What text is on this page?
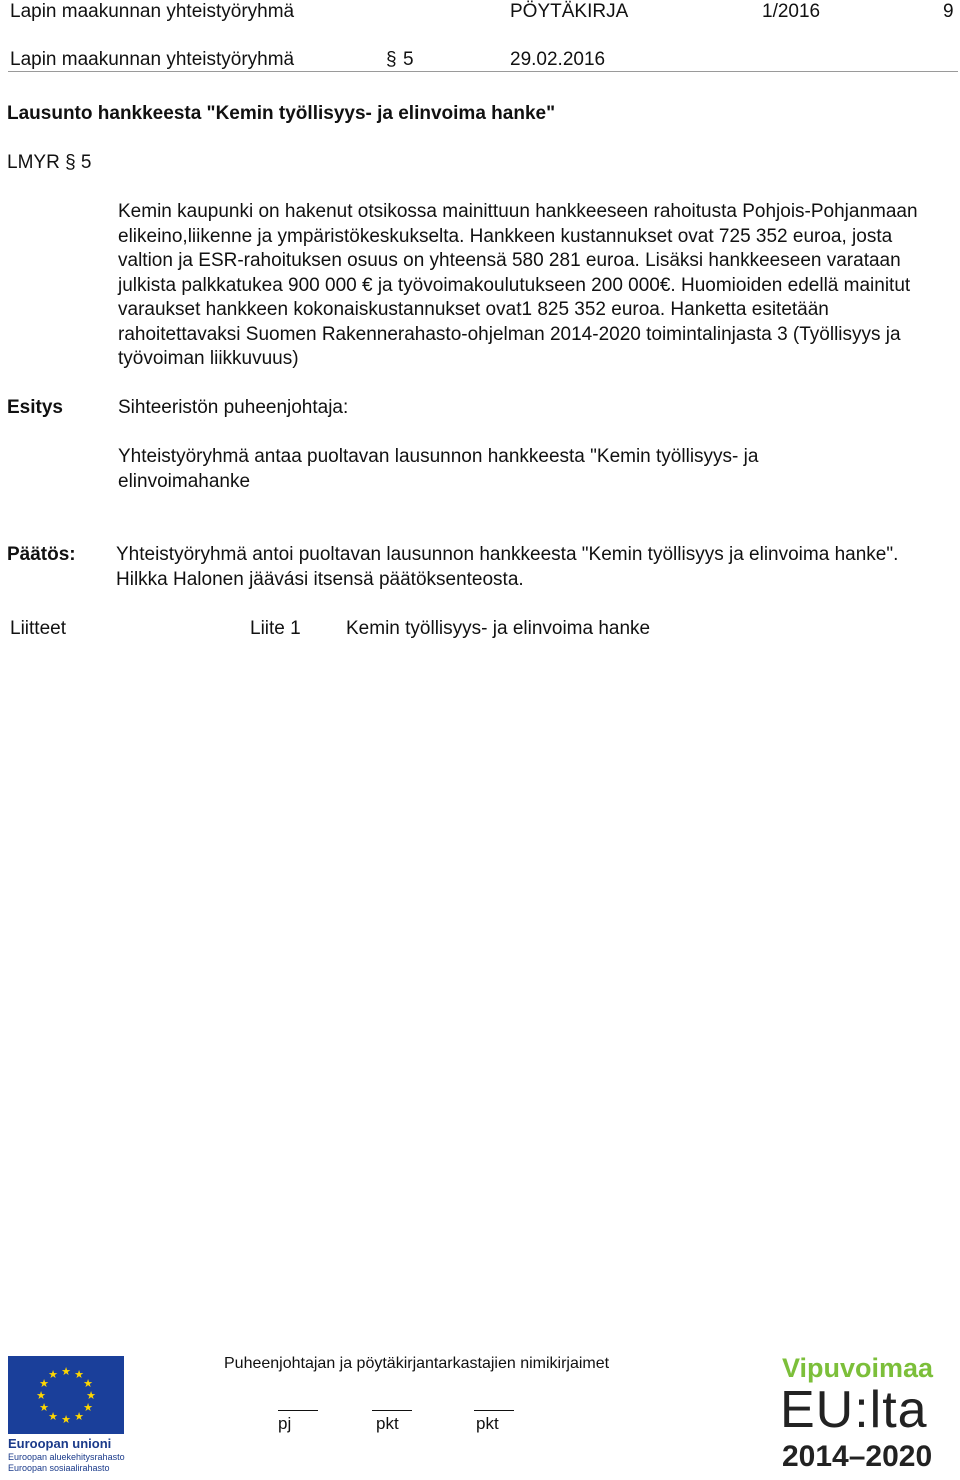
Lapin maakunnan yhteistyöryhmä	PÖYTÄKIRJA	1/2016	9
Lapin maakunnan yhteistyöryhmä	§ 5	29.02.2016
Lausunto hankkeesta "Kemin työllisyys- ja elinvoima hanke"
LMYR § 5
Kemin kaupunki on hakenut otsikossa mainittuun hankkeeseen rahoitusta Pohjois-Pohjanmaan elikeino,liikenne ja ympäristökeskukselta. Hankkeen kustannukset ovat 725 352 euroa, josta valtion ja ESR-rahoituksen osuus on yhteensä 580 281 euroa. Lisäksi hankkeeseen varataan julkista palkkatukea 900 000 € ja työvoimakoulutukseen 200 000€. Huomioiden edellä mainitut varaukset hankkeen kokonaiskustannukset ovat1 825 352 euroa. Hanketta esitetään rahoitettavaksi Suomen Rakennerahasto-ohjelman 2014-2020 toimintalinjasta 3 (Työllisyys ja työvoiman liikkuvuus)
Esitys	Sihteeristön puheenjohtaja:
Yhteistyöryhmä antaa puoltavan lausunnon hankkeesta "Kemin työllisyys- ja elinvoimahanke
Päätös: Yhteistyöryhmä antoi puoltavan lausunnon hankkeesta "Kemin työllisyys ja elinvoima hanke". Hilkka Halonen jäävási itsensä päätöksenteosta.
Liitteet	Liite 1 Kemin työllisyys- ja elinvoima hanke
★ ★
★
★
★
★
★
★
★
★
★
★
Euroopan unioni
Euroopan aluekehitysrahasto
Euroopan sosiaalirahasto
Puheenjohtajan ja pöytäkirjantarkastajien nimikirjaimet
pj	pkt	pkt
Vipuvoimaa
EU:lta
2014–2020
